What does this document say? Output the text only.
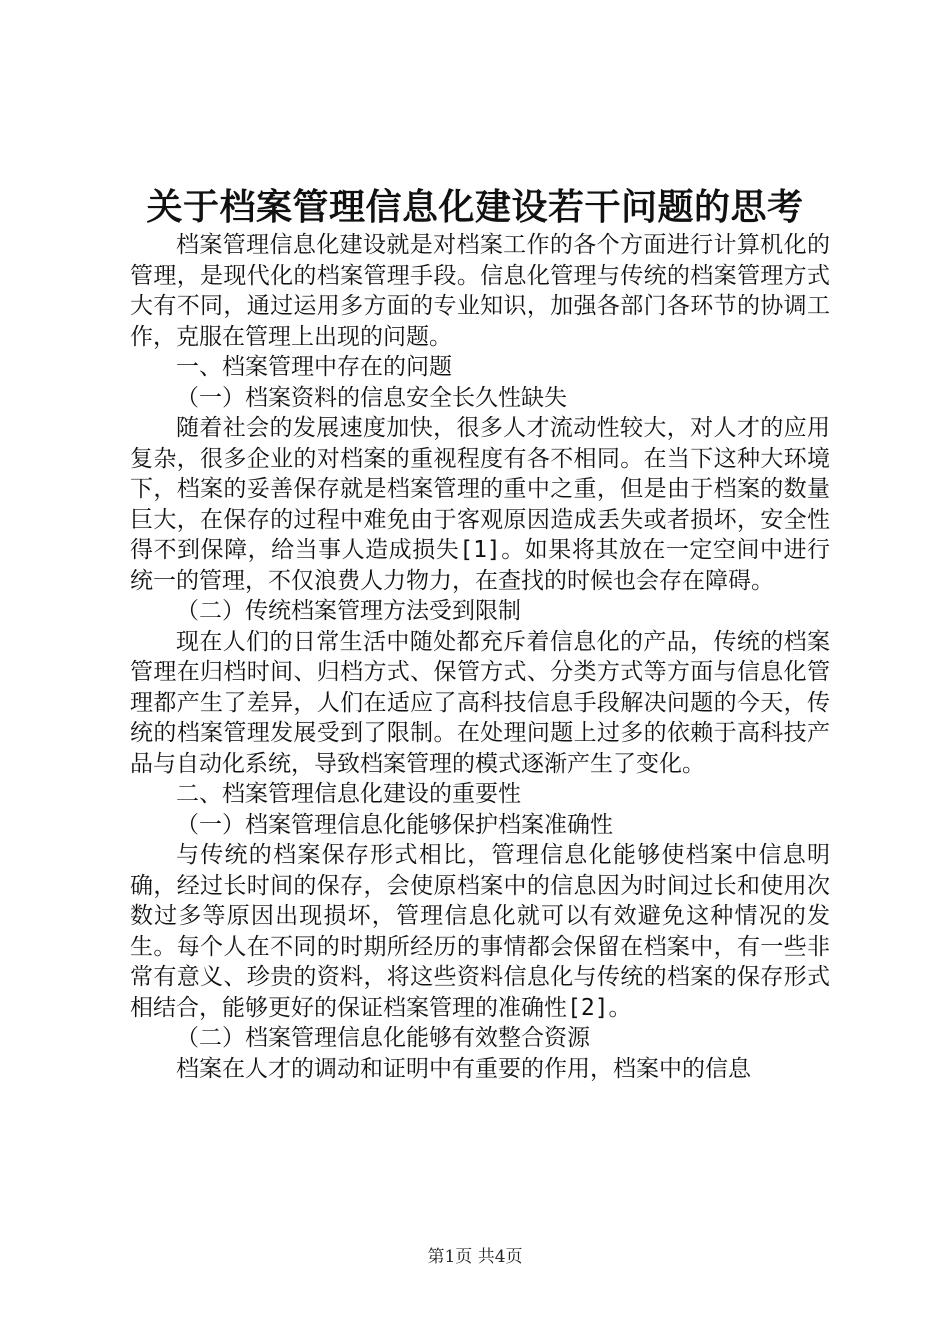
关于档案管理信息化建设若干问题的思考

档案管理信息化建设就是对档案工作的各个方面进行计算机化的管理，是现代化的档案管理手段。信息化管理与传统的档案管理方式大有不同，通过运用多方面的专业知识，加强各部门各环节的协调工作，克服在管理上出现的问题。

一、档案管理中存在的问题

（一）档案资料的信息安全长久性缺失

随着社会的发展速度加快，很多人才流动性较大，对人才的应用复杂，很多企业的对档案的重视程度有各不相同。在当下这种大环境下，档案的妥善保存就是档案管理的重中之重，但是由于档案的数量巨大，在保存的过程中难免由于客观原因造成丢失或者损坏，安全性得不到保障，给当事人造成损失[1]。如果将其放在一定空间中进行统一的管理，不仅浪费人力物力，在查找的时候也会存在障碍。

（二）传统档案管理方法受到限制

现在人们的日常生活中随处都充斥着信息化的产品，传统的档案管理在归档时间、归档方式、保管方式、分类方式等方面与信息化管理都产生了差异，人们在适应了高科技信息手段解决问题的今天，传统的档案管理发展受到了限制。在处理问题上过多的依赖于高科技产品与自动化系统，导致档案管理的模式逐渐产生了变化。

二、档案管理信息化建设的重要性

（一）档案管理信息化能够保护档案准确性

与传统的档案保存形式相比，管理信息化能够使档案中信息明确，经过长时间的保存，会使原档案中的信息因为时间过长和使用次数过多等原因出现损坏，管理信息化就可以有效避免这种情况的发生。每个人在不同的时期所经历的事情都会保留在档案中，有一些非常有意义、珍贵的资料，将这些资料信息化与传统的档案的保存形式相结合，能够更好的保证档案管理的准确性[2]。

（二）档案管理信息化能够有效整合资源

档案在人才的调动和证明中有重要的作用，档案中的信息

第1页 共4页
